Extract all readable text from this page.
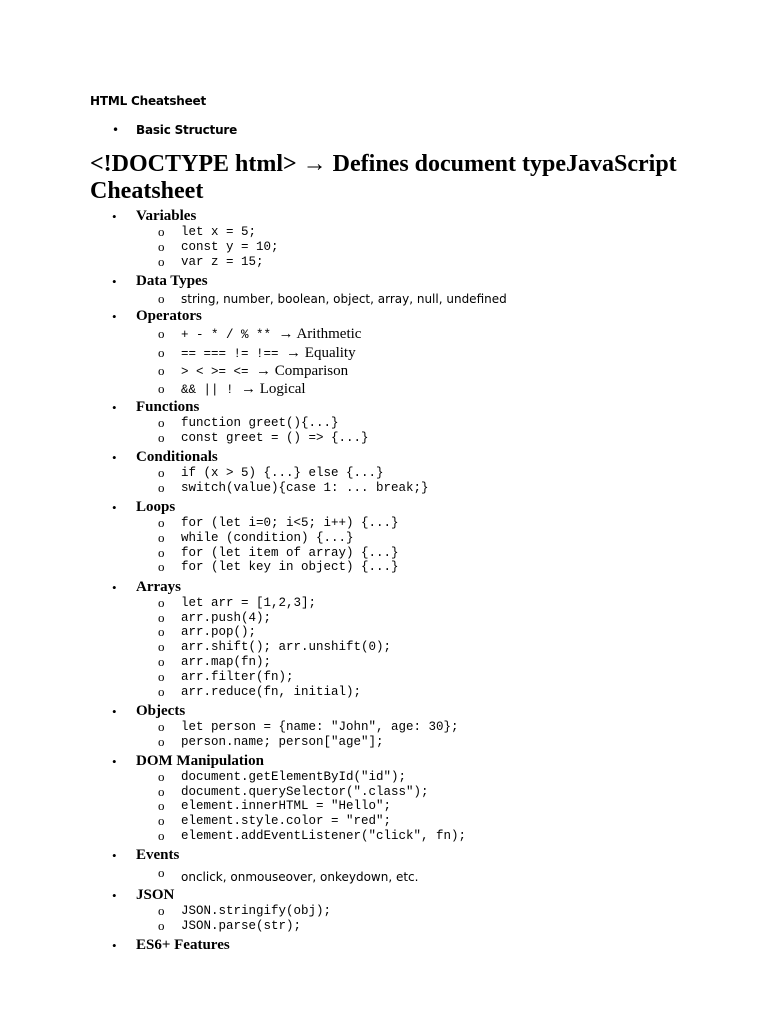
HTML Cheatsheet
• Basic Structure
<!DOCTYPE html> → Defines document typeJavaScript Cheatsheet
• Variables
o let x = 5;
o const y = 10;
o var z = 15;
• Data Types
o string, number, boolean, object, array, null, undefined
• Operators
o + - * / % ** → Arithmetic
o == === != !== → Equality
o > < >= <= → Comparison
o && || ! → Logical
• Functions
o function greet(){...}
o const greet = () => {...}
• Conditionals
o if (x > 5) {...} else {...}
o switch(value){case 1: ... break;}
• Loops
o for (let i=0; i<5; i++) {...}
o while (condition) {...}
o for (let item of array) {...}
o for (let key in object) {...}
• Arrays
o let arr = [1,2,3];
o arr.push(4);
o arr.pop();
o arr.shift(); arr.unshift(0);
o arr.map(fn);
o arr.filter(fn);
o arr.reduce(fn, initial);
• Objects
o let person = {name: "John", age: 30};
o person.name; person["age"];
• DOM Manipulation
o document.getElementById("id");
o document.querySelector(".class");
o element.innerHTML = "Hello";
o element.style.color = "red";
o element.addEventListener("click", fn);
• Events
o onclick, onmouseover, onkeydown, etc.
• JSON
o JSON.stringify(obj);
o JSON.parse(str);
• ES6+ Features
